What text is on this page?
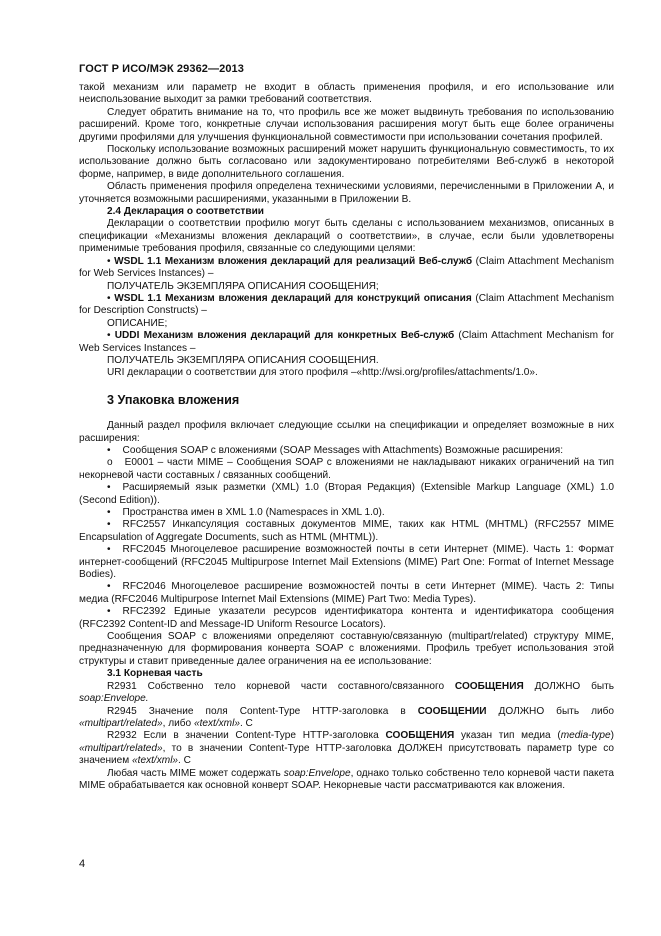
ГОСТ Р ИСО/МЭК 29362—2013

такой механизм или параметр не входит в область применения профиля, и его использование или неиспользование выходит за рамки требований соответствия.

Следует обратить внимание на то, что профиль все же может выдвинуть требования по использованию расширений. Кроме того, конкретные случаи использования расширения могут быть еще более ограничены другими профилями для улучшения функциональной совместимости при использовании сочетания профилей.

Поскольку использование возможных расширений может нарушить функциональную совместимость, то их использование должно быть согласовано или задокументировано потребителями Веб-служб в некоторой форме, например, в виде дополнительного соглашения.

Область применения профиля определена техническими условиями, перечисленными в Приложении А, и уточняется возможными расширениями, указанными в Приложении В.

2.4 Декларация о соответствии

Декларации о соответствии профилю могут быть сделаны с использованием механизмов, описанных в спецификации «Механизмы вложения деклараций о соответствии», в случае, если были удовлетворены применимые требования профиля, связанные со следующими целями:

• WSDL 1.1 Механизм вложения деклараций для реализаций Веб-служб (Claim Attachment Mechanism for Web Services Instances) –

ПОЛУЧАТЕЛЬ ЭКЗЕМПЛЯРА ОПИСАНИЯ СООБЩЕНИЯ;

• WSDL 1.1 Механизм вложения деклараций для конструкций описания (Claim Attachment Mechanism for Description Constructs) –

ОПИСАНИЕ;

• UDDI Механизм вложения деклараций для конкретных Веб-служб (Claim Attachment Mechanism for Web Services Instances –

ПОЛУЧАТЕЛЬ ЭКЗЕМПЛЯРА ОПИСАНИЯ СООБЩЕНИЯ.

URI декларации о соответствии для этого профиля –«http://wsi.org/profiles/attachments/1.0».

3 Упаковка вложения

Данный раздел профиля включает следующие ссылки на спецификации и определяет возможные в них расширения:

• Сообщения SOAP с вложениями (SOAP Messages with Attachments) Возможные расширения:

o E0001 – части MIME – Сообщения SOAP с вложениями не накладывают никаких ограничений на тип некорневой части составных / связанных сообщений.

• Расширяемый язык разметки (XML) 1.0 (Вторая Редакция) (Extensible Markup Language (XML) 1.0 (Second Edition)).

• Пространства имен в XML 1.0 (Namespaces in XML 1.0).

• RFC2557 Инкапсуляция составных документов MIME, таких как HTML (MHTML) (RFC2557 MIME Encapsulation of Aggregate Documents, such as HTML (MHTML)).

• RFC2045 Многоцелевое расширение возможностей почты в сети Интернет (MIME). Часть 1: Формат интернет-сообщений (RFC2045 Multipurpose Internet Mail Extensions (MIME) Part One: Format of Internet Message Bodies).

• RFC2046 Многоцелевое расширение возможностей почты в сети Интернет (MIME). Часть 2: Типы медиа (RFC2046 Multipurpose Internet Mail Extensions (MIME) Part Two: Media Types).

• RFC2392 Единые указатели ресурсов идентификатора контента и идентификатора сообщения (RFC2392 Content-ID and Message-ID Uniform Resource Locators).

Сообщения SOAP с вложениями определяют составную/связанную (multipart/related) структуру MIME, предназначенную для формирования конверта SOAP с вложениями. Профиль требует использования этой структуры и ставит приведенные далее ограничения на ее использование:

3.1 Корневая часть

R2931 Собственно тело корневой части составного/связанного СООБЩЕНИЯ ДОЛЖНО быть soap:Envelope.

R2945 Значение поля Content-Type HTTP-заголовка в СООБЩЕНИИ ДОЛЖНО быть либо «multipart/related», либо «text/xml». C

R2932 Если в значении Content-Type HTTP-заголовка СООБЩЕНИЯ указан тип медиа (media-type) «multipart/related», то в значении Content-Type HTTP-заголовка ДОЛЖЕН присутствовать параметр type со значением «text/xml». C

Любая часть MIME может содержать soap:Envelope, однако только собственно тело корневой части пакета MIME обрабатывается как основной конверт SOAP. Некорневые части рассматриваются как вложения.

4
